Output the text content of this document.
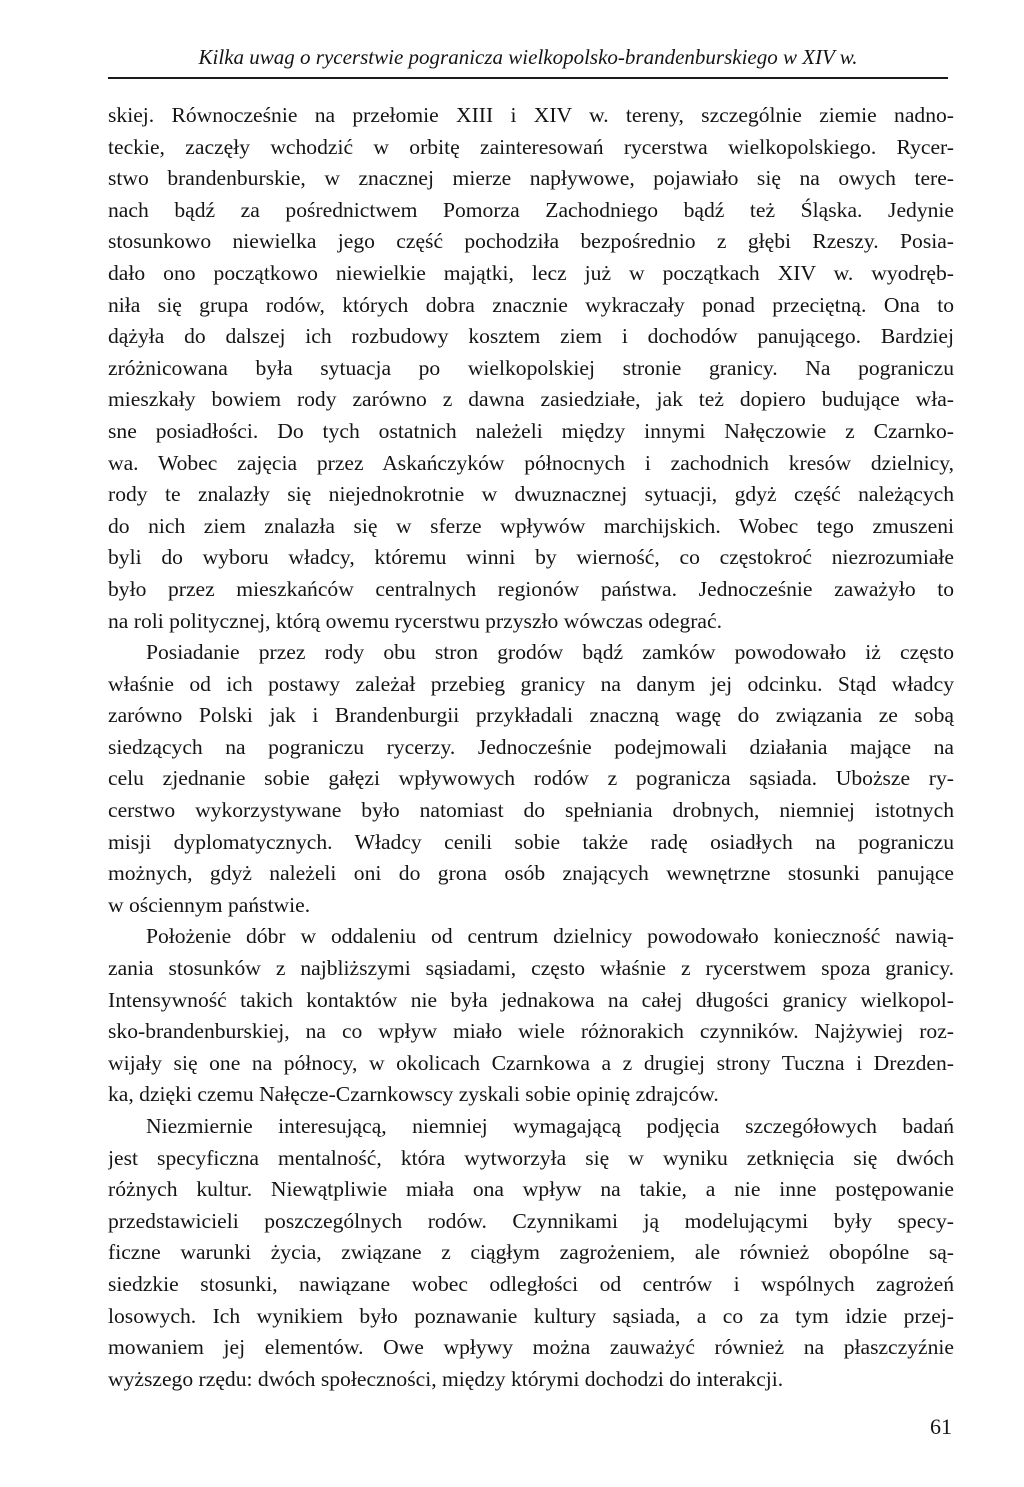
Kilka uwag o rycerstwie pogranicza wielkopolsko-brandenburskiego w XIV w.
skiej. Równocześnie na przełomie XIII i XIV w. tereny, szczególnie ziemie nadno-
teckie, zaczęły wchodzić w orbitę zainteresowań rycerstwa wielkopolskiego. Rycer-
stwo brandenburskie, w znacznej mierze napływowe, pojawiało się na owych tere-
nach bądź za pośrednictwem Pomorza Zachodniego bądź też Śląska. Jedynie
stosunkowo niewielka jego część pochodziła bezpośrednio z głębi Rzeszy. Posia-
dało ono początkowo niewielkie majątki, lecz już w początkach XIV w. wyodręb-
niła się grupa rodów, których dobra znacznie wykraczały ponad przeciętną. Ona to
dążyła do dalszej ich rozbudowy kosztem ziem i dochodów panującego. Bardziej
zróżnicowana była sytuacja po wielkopolskiej stronie granicy. Na pograniczu
mieszkały bowiem rody zarówno z dawna zasiedziałe, jak też dopiero budujące wła-
sne posiadłości. Do tych ostatnich należeli między innymi Nałęczowie z Czarnko-
wa. Wobec zajęcia przez Askańczyków północnych i zachodnich kresów dzielnicy,
rody te znalazły się niejednokrotnie w dwuznacznej sytuacji, gdyż część należących
do nich ziem znalazła się w sferze wpływów marchijskich. Wobec tego zmuszeni
byli do wyboru władcy, któremu winni by wierność, co częstokroć niezrozumiałe
było przez mieszkańców centralnych regionów państwa. Jednocześnie zaważyło to
na roli politycznej, którą owemu rycerstwu przyszło wówczas odegrać.
Posiadanie przez rody obu stron grodów bądź zamków powodowało iż często
właśnie od ich postawy zależał przebieg granicy na danym jej odcinku. Stąd władcy
zarówno Polski jak i Brandenburgii przykładali znaczną wagę do związania ze sobą
siedzących na pograniczu rycerzy. Jednocześnie podejmowali działania mające na
celu zjednanie sobie gałęzi wpływowych rodów z pogranicza sąsiada. Uboższe ry-
cerstwo wykorzystywane było natomiast do spełniania drobnych, niemniej istotnych
misji dyplomatycznych. Władcy cenili sobie także radę osiadłych na pograniczu
możnych, gdyż należeli oni do grona osób znających wewnętrzne stosunki panujące
w ościennym państwie.
Położenie dóbr w oddaleniu od centrum dzielnicy powodowało konieczność nawią-
zania stosunków z najbliższymi sąsiadami, często właśnie z rycerstwem spoza granicy.
Intensywność takich kontaktów nie była jednakowa na całej długości granicy wielkopol-
sko-brandenburskiej, na co wpływ miało wiele różnorakich czynników. Najżywiej roz-
wijały się one na północy, w okolicach Czarnkowa a z drugiej strony Tuczna i Drezden-
ka, dzięki czemu Nałęcze-Czarnkowscy zyskali sobie opinię zdrajców.
Niezmiernie interesującą, niemniej wymagającą podjęcia szczegółowych badań
jest specyficzna mentalność, która wytworzyła się w wyniku zetknięcia się dwóch
różnych kultur. Niewątpliwie miała ona wpływ na takie, a nie inne postępowanie
przedstawicieli poszczególnych rodów. Czynnikami ją modelującymi były specy-
ficzne warunki życia, związane z ciągłym zagrożeniem, ale również obopólne są-
siedzkie stosunki, nawiązane wobec odległości od centrów i wspólnych zagrożeń
losowych. Ich wynikiem było poznawanie kultury sąsiada, a co za tym idzie przej-
mowaniem jej elementów. Owe wpływy można zauważyć również na płaszczyźnie
wyższego rzędu: dwóch społeczności, między którymi dochodzi do interakcji.
61
